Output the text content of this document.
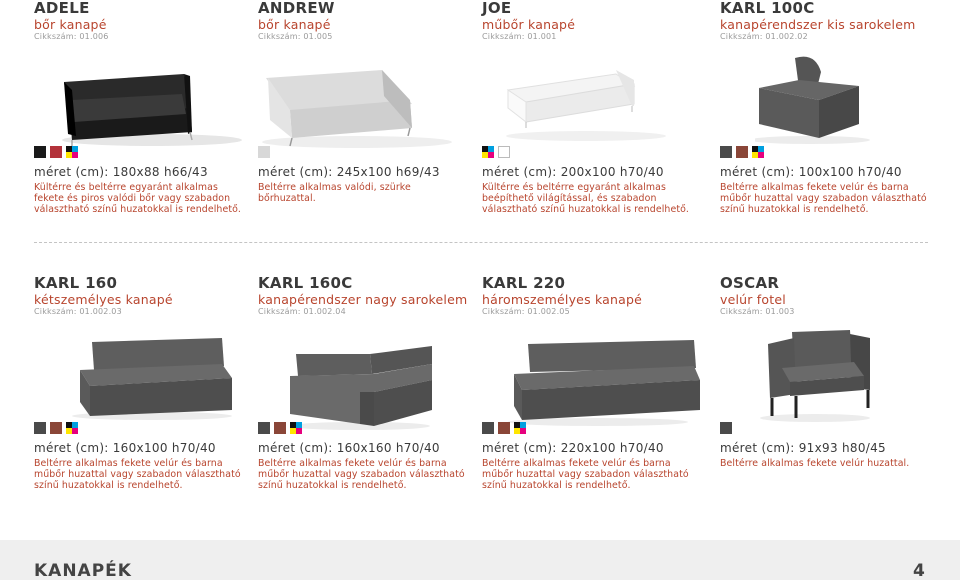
ADELE
bőr kanapé
Cikkszám: 01.006
ANDREW
bőr kanapé
Cikkszám: 01.005
JOE
műbőr kanapé
Cikkszám: 01.001
KARL 100C
kanapérendszer kis sarokelem
Cikkszám: 01.002.02
méret (cm): 180x88 h66/43
Kültérre és beltérre egyaránt alkalmas fekete és piros valódi bőr vagy szabadon választható színű huzatokkal is rendelhető.
méret (cm): 245x100 h69/43
Beltérre alkalmas valódi, szürke bőrhuzattal.
méret (cm): 200x100 h70/40
Kültérre és beltérre egyaránt alkalmas beépíthető világítással, és szabadon választható színű huzatokkal is rendelhető.
méret (cm): 100x100 h70/40
Beltérre alkalmas fekete velúr és barna műbőr huzattal vagy szabadon választható színű huzatokkal is rendelhető.
KARL 160
kétszemélyes kanapé
Cikkszám: 01.002.03
KARL 160C
kanapérendszer nagy sarokelem
Cikkszám: 01.002.04
KARL 220
háromszemélyes kanapé
Cikkszám: 01.002.05
OSCAR
velúr fotel
Cikkszám: 01.003
méret (cm): 160x100 h70/40
Beltérre alkalmas fekete velúr és barna műbőr huzattal vagy szabadon választható színű huzatokkal is rendelhető.
méret (cm): 160x160 h70/40
Beltérre alkalmas fekete velúr és barna műbőr huzattal vagy szabadon választható színű huzatokkal is rendelhető.
méret (cm): 220x100 h70/40
Beltérre alkalmas fekete velúr és barna műbőr huzattal vagy szabadon választható színű huzatokkal is rendelhető.
méret (cm): 91x93 h80/45
Beltérre alkalmas fekete velúr huzattal.
KANAPÉK	4
